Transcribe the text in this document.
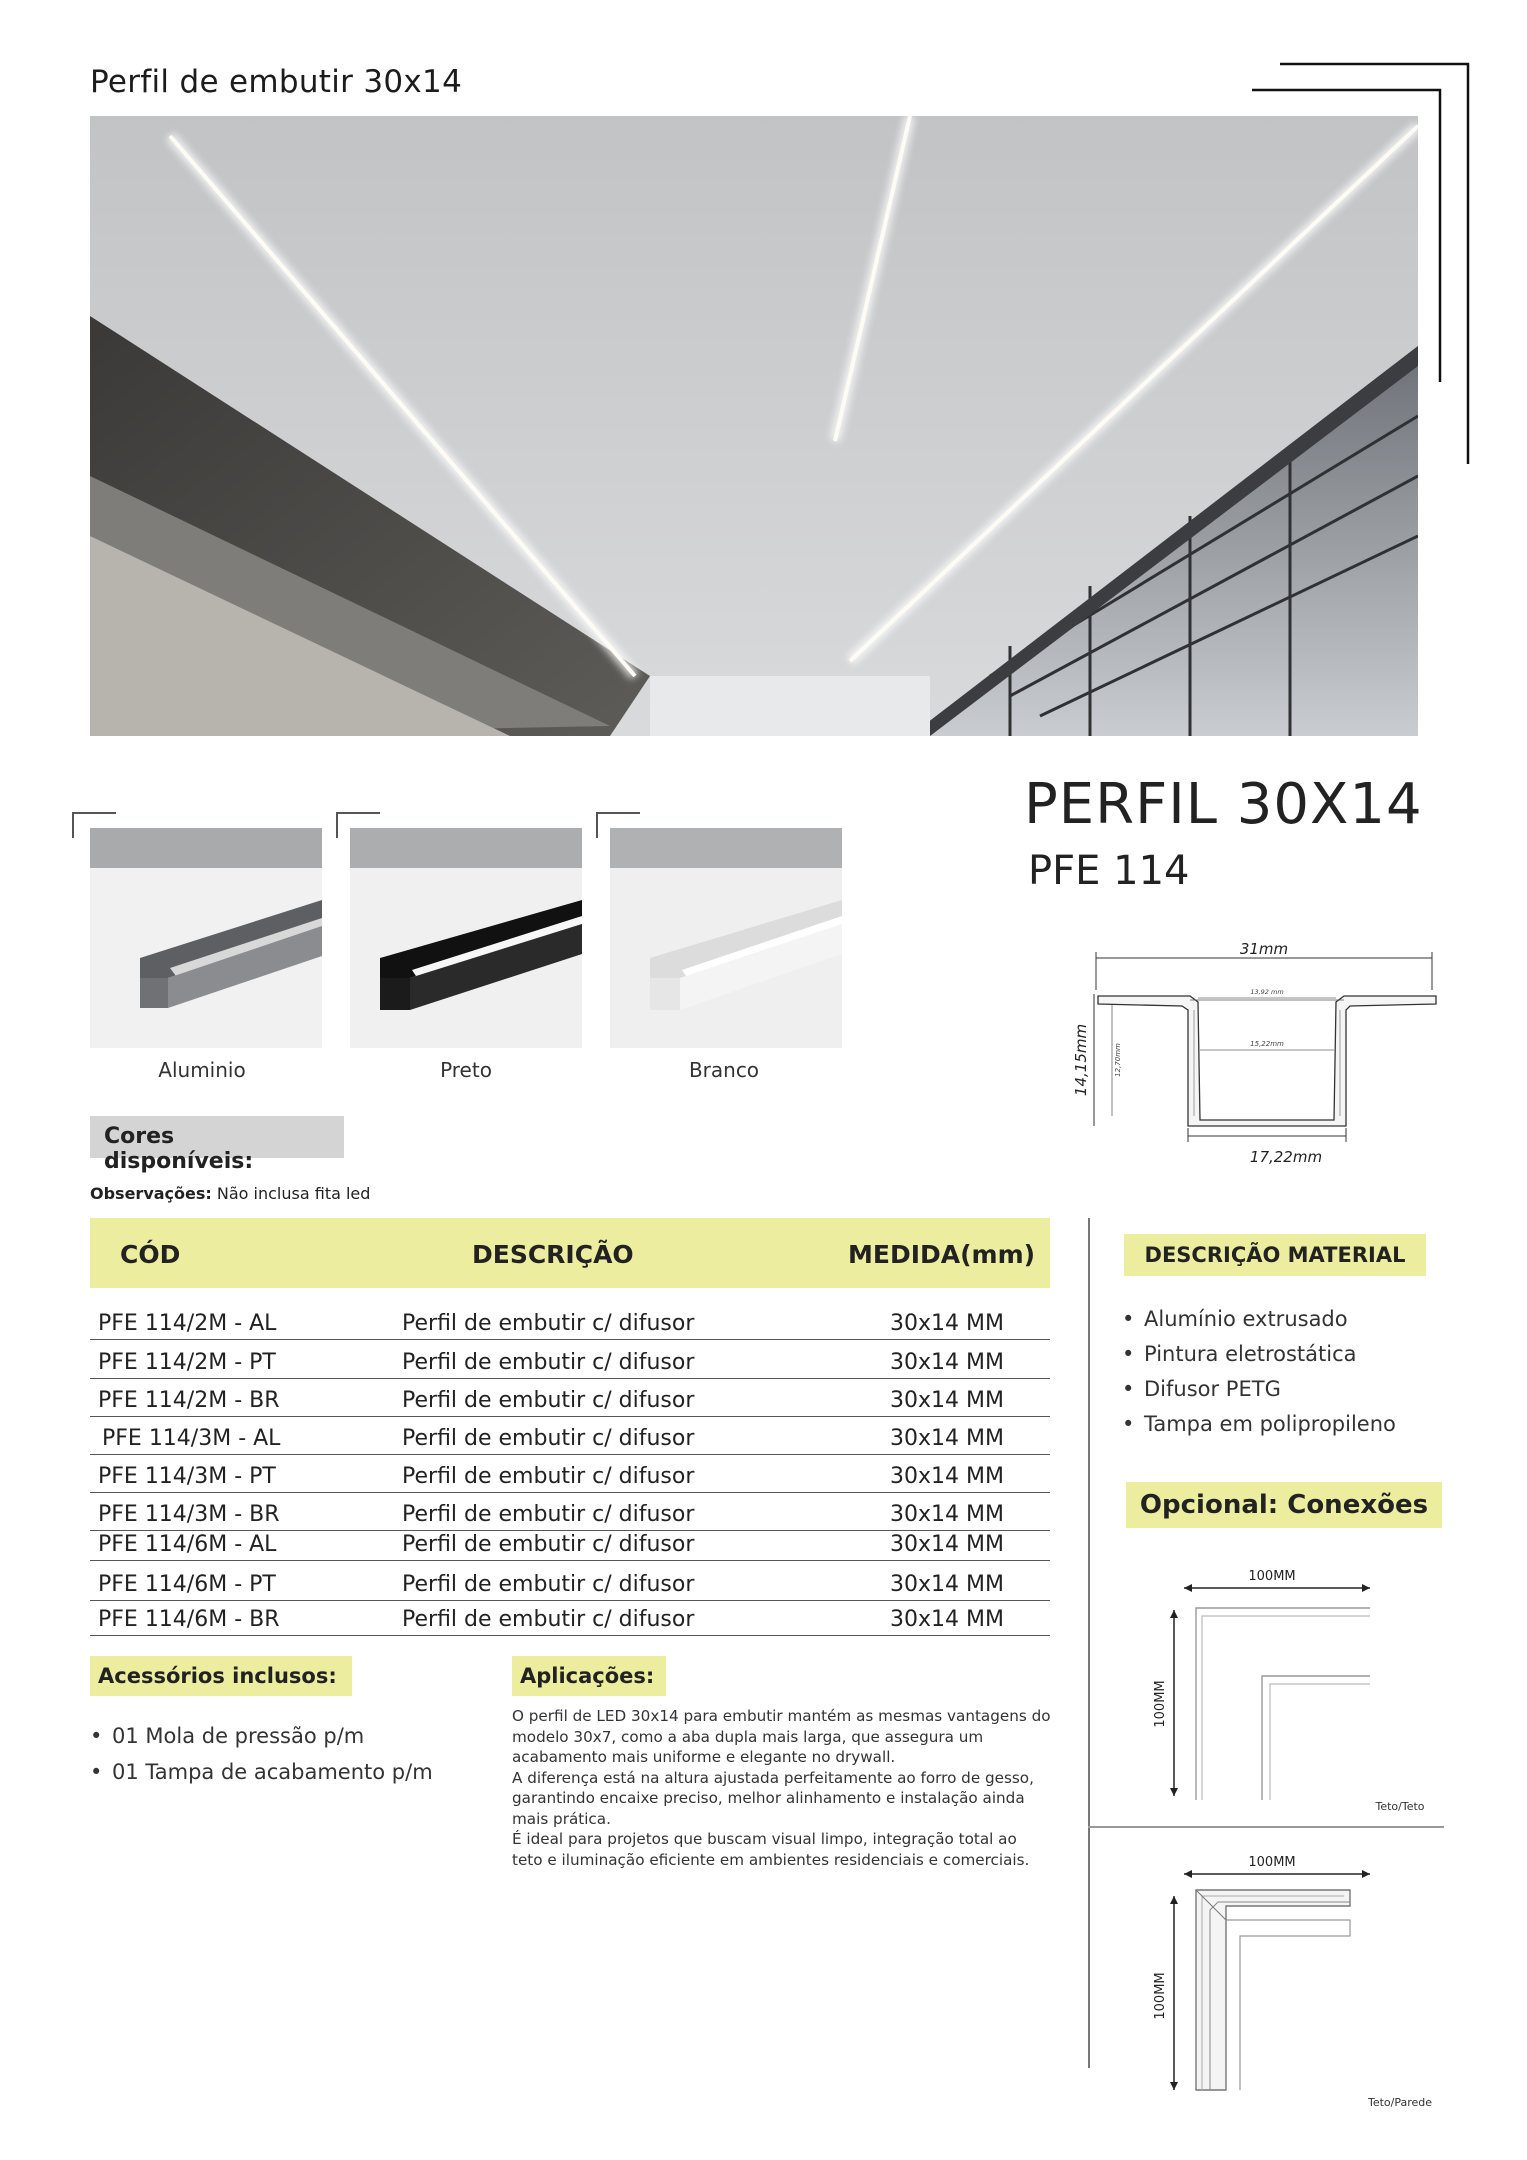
Perfil de embutir 30x14
PERFIL 30X14
PFE 114
Aluminio	Preto	Branco
Cores disponíveis:
31mm
13,92 mm
15,22mm
14,15mm	12,70mm
17,22mm
Observações: Não inclusa fita led
CÓD	DESCRIÇÃO	MEDIDA(mm)
PFE 114/2M - AL	Perfil de embutir c/ difusor	30x14 MM
PFE 114/2M - PT	Perfil de embutir c/ difusor	30x14 MM
PFE 114/2M - BR	Perfil de embutir c/ difusor	30x14 MM
PFE 114/3M - AL	Perfil de embutir c/ difusor	30x14 MM
PFE 114/3M - PT	Perfil de embutir c/ difusor	30x14 MM
PFE 114/3M - BR	Perfil de embutir c/ difusor	30x14 MM
PFE 114/6M - AL	Perfil de embutir c/ difusor	30x14 MM
PFE 114/6M - PT	Perfil de embutir c/ difusor	30x14 MM
PFE 114/6M - BR	Perfil de embutir c/ difusor	30x14 MM
DESCRIÇÃO MATERIAL
• Alumínio extrusado
• Pintura eletrostática
• Difusor PETG
• Tampa em polipropileno
Opcional: Conexões
100MM
100MM
Teto/Teto
100MM
100MM
Teto/Parede
Acessórios inclusos:
• 01 Mola de pressão p/m
• 01 Tampa de acabamento p/m
Aplicações:

O perfil de LED 30x14 para embutir mantém as mesmas vantagens do modelo 30x7, como a aba dupla mais larga, que assegura um acabamento mais uniforme e elegante no drywall.

A diferença está na altura ajustada perfeitamente ao forro de gesso, garantindo encaixe preciso, melhor alinhamento e instalação ainda mais prática.

É ideal para projetos que buscam visual limpo, integração total ao teto e iluminação eficiente em ambientes residenciais e comerciais.
